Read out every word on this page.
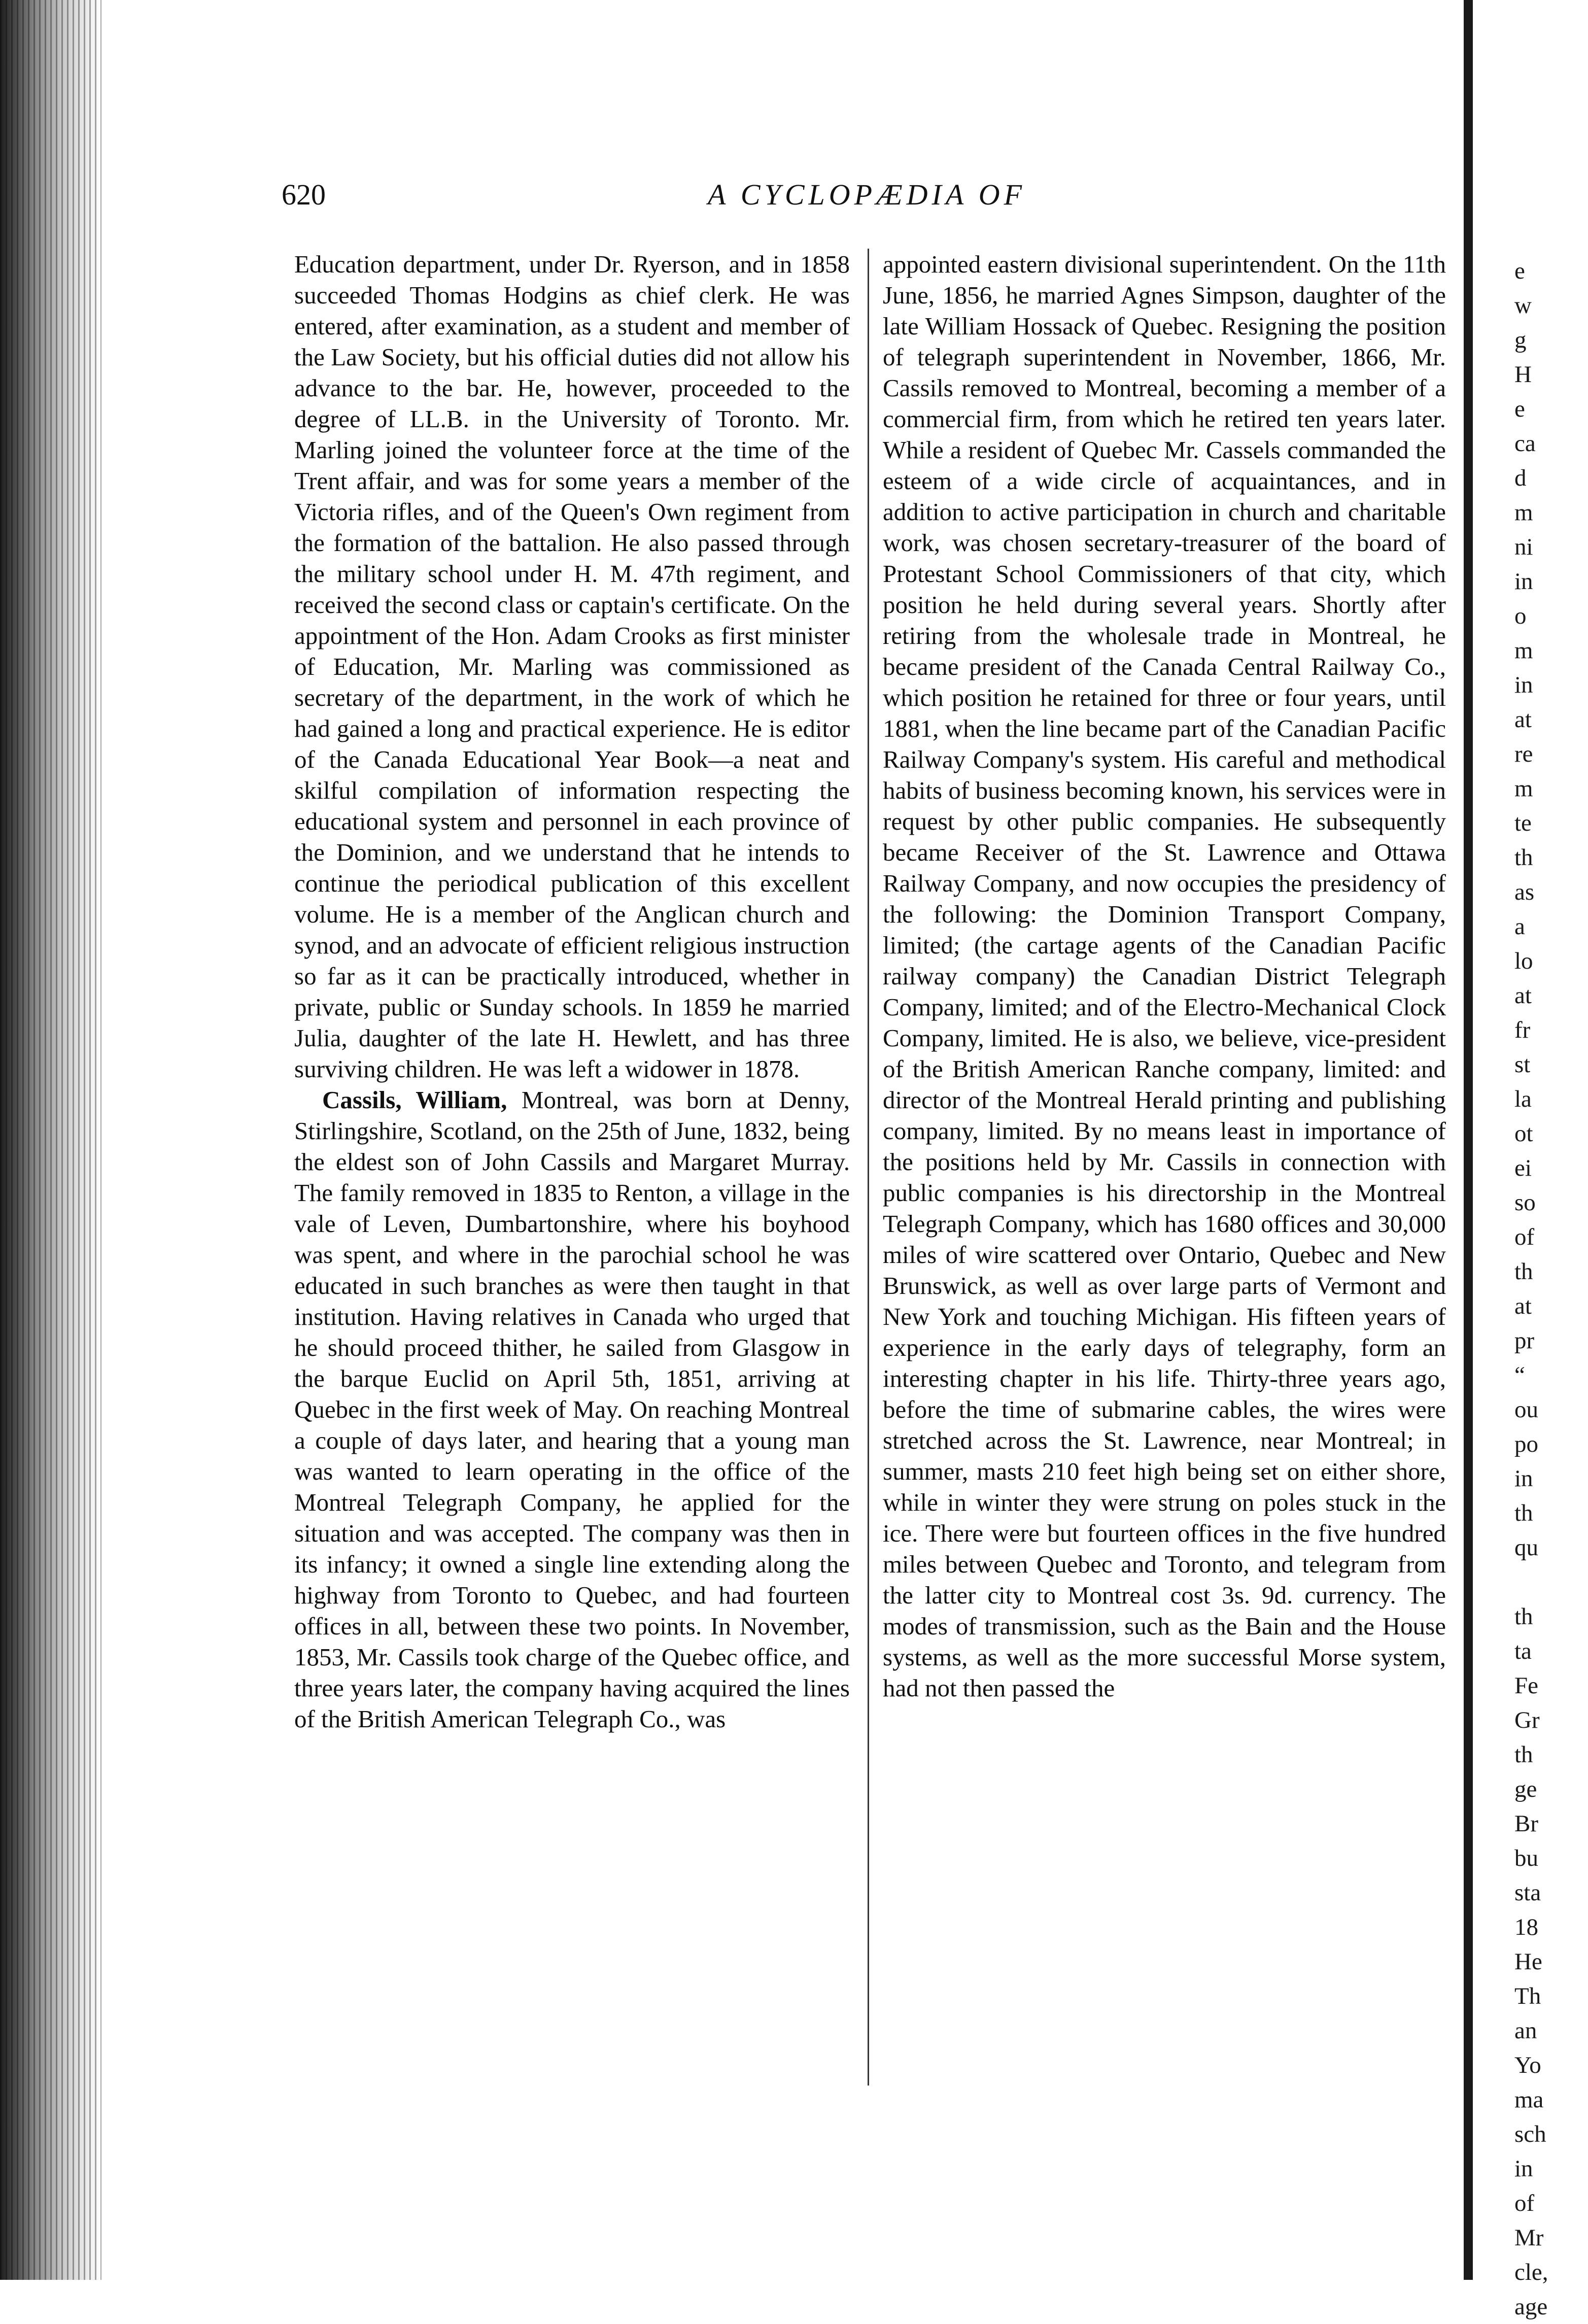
e
w
g
H
e
ca
d
m
ni
in
o
m
in
at
re
m
te
th
as
a
lo
at
fr
st
la
ot
ei
so
of
th
at
pr
“
ou
po
in
th
qu

th
ta
Fe
Gr
th
ge
Br
bu
sta
18
He
Th
an
Yo
ma
sch
in
of
Mr
cle,
age
620	A CYCLOPÆDIA OF

Education department, under Dr. Ryerson, and in 1858 succeeded Thomas Hodgins as chief clerk. He was entered, after examination, as a student and member of the Law Society, but his official duties did not allow his advance to the bar. He, however, proceeded to the degree of LL.B. in the University of Toronto. Mr. Marling joined the volunteer force at the time of the Trent affair, and was for some years a member of the Victoria rifles, and of the Queen's Own regiment from the formation of the battalion. He also passed through the military school under H. M. 47th regiment, and received the second class or captain's certificate. On the appointment of the Hon. Adam Crooks as first minister of Education, Mr. Marling was commissioned as secretary of the department, in the work of which he had gained a long and practical experience. He is editor of the Canada Educational Year Book—a neat and skilful compilation of information respecting the educational system and personnel in each province of the Dominion, and we understand that he intends to continue the periodical publication of this excellent volume. He is a member of the Anglican church and synod, and an advocate of efficient religious instruction so far as it can be practically introduced, whether in private, public or Sunday schools. In 1859 he married Julia, daughter of the late H. Hewlett, and has three surviving children. He was left a widower in 1878.

Cassils, William, Montreal, was born at Denny, Stirlingshire, Scotland, on the 25th of June, 1832, being the eldest son of John Cassils and Margaret Murray. The family removed in 1835 to Renton, a village in the vale of Leven, Dumbartonshire, where his boyhood was spent, and where in the parochial school he was educated in such branches as were then taught in that institution. Having relatives in Canada who urged that he should proceed thither, he sailed from Glasgow in the barque Euclid on April 5th, 1851, arriving at Quebec in the first week of May. On reaching Montreal a couple of days later, and hearing that a young man was wanted to learn operating in the office of the Montreal Telegraph Company, he applied for the situation and was accepted. The company was then in its infancy; it owned a single line extending along the highway from Toronto to Quebec, and had fourteen offices in all, between these two points. In November, 1853, Mr. Cassils took charge of the Quebec office, and three years later, the company having acquired the lines of the British American Telegraph Co., was

appointed eastern divisional superintendent. On the 11th June, 1856, he married Agnes Simpson, daughter of the late William Hossack of Quebec. Resigning the position of telegraph superintendent in November, 1866, Mr. Cassils removed to Montreal, becoming a member of a commercial firm, from which he retired ten years later. While a resident of Quebec Mr. Cassels commanded the esteem of a wide circle of acquaintances, and in addition to active participation in church and charitable work, was chosen secretary-treasurer of the board of Protestant School Commissioners of that city, which position he held during several years. Shortly after retiring from the wholesale trade in Montreal, he became president of the Canada Central Railway Co., which position he retained for three or four years, until 1881, when the line became part of the Canadian Pacific Railway Company's system. His careful and methodical habits of business becoming known, his services were in request by other public companies. He subsequently became Receiver of the St. Lawrence and Ottawa Railway Company, and now occupies the presidency of the following: the Dominion Transport Company, limited; (the cartage agents of the Canadian Pacific railway company) the Canadian District Telegraph Company, limited; and of the Electro-Mechanical Clock Company, limited. He is also, we believe, vice-president of the British American Ranche company, limited: and director of the Montreal Herald printing and publishing company, limited. By no means least in importance of the positions held by Mr. Cassils in connection with public companies is his directorship in the Montreal Telegraph Company, which has 1680 offices and 30,000 miles of wire scattered over Ontario, Quebec and New Brunswick, as well as over large parts of Vermont and New York and touching Michigan. His fifteen years of experience in the early days of telegraphy, form an interesting chapter in his life. Thirty-three years ago, before the time of submarine cables, the wires were stretched across the St. Lawrence, near Montreal; in summer, masts 210 feet high being set on either shore, while in winter they were strung on poles stuck in the ice. There were but fourteen offices in the five hundred miles between Quebec and Toronto, and telegram from the latter city to Montreal cost 3s. 9d. currency. The modes of transmission, such as the Bain and the House systems, as well as the more successful Morse system, had not then passed the
